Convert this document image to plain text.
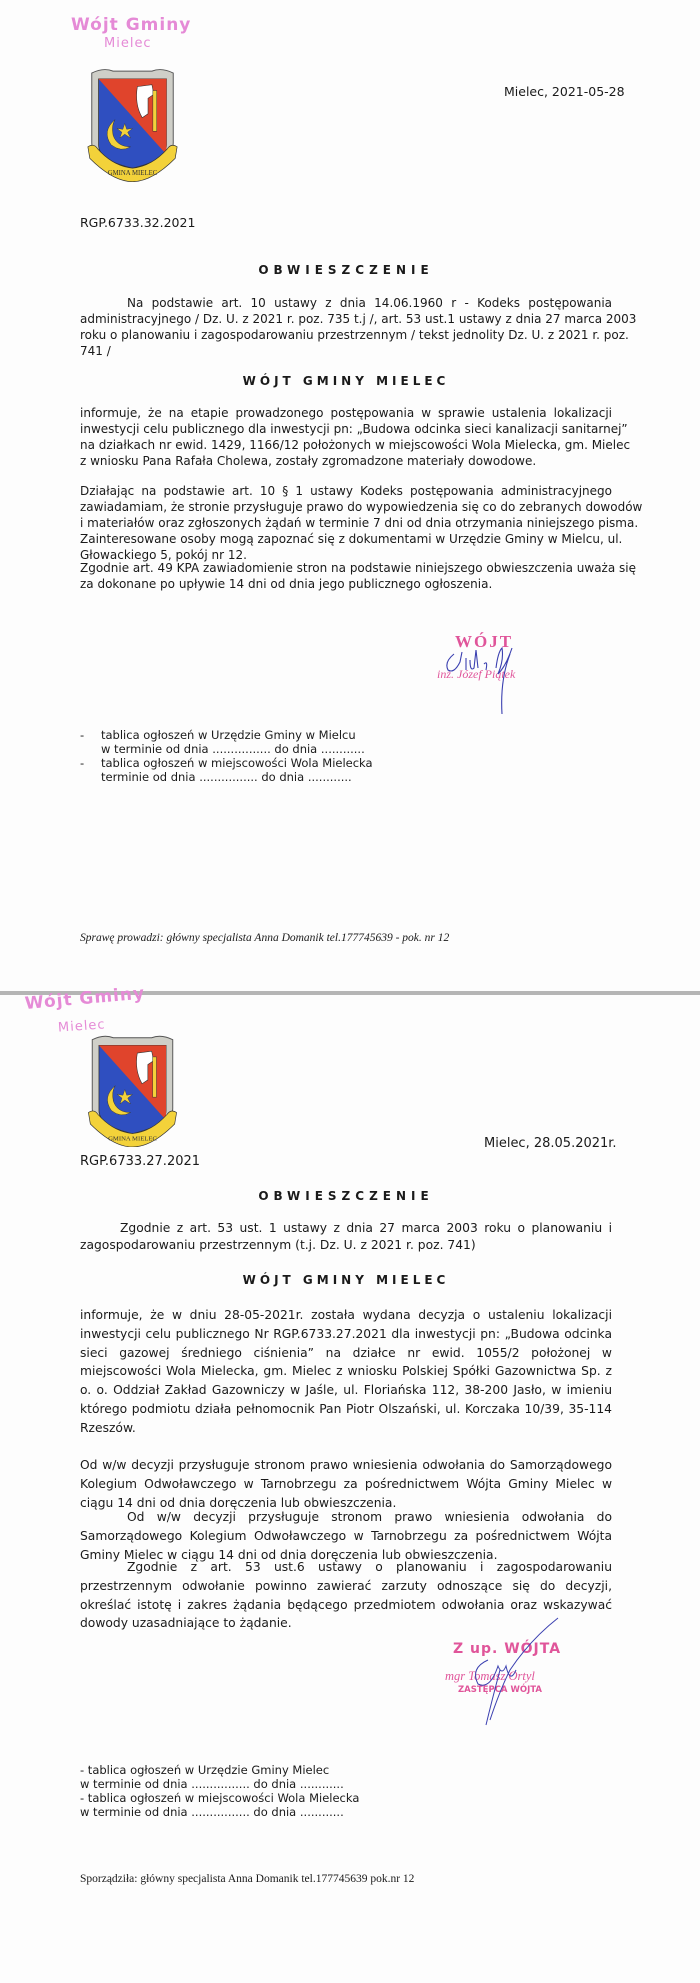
Wójt Gminy
Mielec
GMINA MIELEC
Mielec, 2021-05-28
RGP.6733.32.2021
OBWIESZCZENIE
Na podstawie art. 10 ustawy z dnia 14.06.1960 r - Kodeks postępowania
administracyjnego / Dz. U. z 2021 r. poz. 735 t.j /, art. 53 ust.1 ustawy z dnia 27 marca 2003
roku o planowaniu i zagospodarowaniu przestrzennym / tekst jednolity Dz. U. z 2021 r. poz.
741 /
WÓJT GMINY MIELEC
informuje, że na etapie prowadzonego postępowania w sprawie ustalenia lokalizacji
inwestycji celu publicznego dla inwestycji pn: „Budowa odcinka sieci kanalizacji sanitarnej”
na działkach nr ewid. 1429, 1166/12 położonych w miejscowości Wola Mielecka, gm. Mielec
z wniosku Pana Rafała Cholewa, zostały zgromadzone materiały dowodowe.
Działając na podstawie art. 10 § 1 ustawy Kodeks postępowania administracyjnego
zawiadamiam, że stronie przysługuje prawo do wypowiedzenia się co do zebranych dowodów
i materiałów oraz zgłoszonych żądań w terminie 7 dni od dnia otrzymania niniejszego pisma.
Zainteresowane osoby mogą zapoznać się z dokumentami w Urzędzie Gminy w Mielcu, ul.
Głowackiego 5, pokój nr 12.
Zgodnie art. 49 KPA zawiadomienie stron na podstawie niniejszego obwieszczenia uważa się
za dokonane po upływie 14 dni od dnia jego publicznego ogłoszenia.
WÓJT
inż. Józef Piątek
- tablica ogłoszeń w Urzędzie Gminy w Mielcu
w terminie od dnia ................ do dnia ............
- tablica ogłoszeń w miejscowości Wola Mielecka
terminie od dnia ................ do dnia ............
Sprawę prowadzi: główny specjalista Anna Domanik tel.177745639 - pok. nr 12
Wójt Gminy
Mielec
GMINA MIELEC	Mielec, 28.05.2021r.
RGP.6733.27.2021
OBWIESZCZENIE
Zgodnie z art. 53 ust. 1 ustawy z dnia 27 marca 2003 roku o planowaniu i
zagospodarowaniu przestrzennym (t.j. Dz. U. z 2021 r. poz. 741)
WÓJT GMINY MIELEC
informuje, że w dniu 28-05-2021r. została wydana decyzja o ustaleniu lokalizacji
inwestycji celu publicznego Nr RGP.6733.27.2021 dla inwestycji pn: „Budowa odcinka
sieci gazowej średniego ciśnienia” na działce nr ewid. 1055/2 położonej w
miejscowości Wola Mielecka, gm. Mielec z wniosku Polskiej Spółki Gazownictwa Sp. z
o. o. Oddział Zakład Gazowniczy w Jaśle, ul. Floriańska 112, 38-200 Jasło, w imieniu
którego podmiotu działa pełnomocnik Pan Piotr Olszański, ul. Korczaka 10/39, 35-114
Rzeszów.
Od w/w decyzji przysługuje stronom prawo wniesienia odwołania do Samorządowego
Kolegium Odwoławczego w Tarnobrzegu za pośrednictwem Wójta Gminy Mielec w
ciągu 14 dni od dnia doręczenia lub obwieszczenia.
Od w/w decyzji przysługuje stronom prawo wniesienia odwołania do
Samorządowego Kolegium Odwoławczego w Tarnobrzegu za pośrednictwem Wójta
Gminy Mielec w ciągu 14 dni od dnia doręczenia lub obwieszczenia.
Zgodnie z art. 53 ust.6 ustawy o planowaniu i zagospodarowaniu
przestrzennym odwołanie powinno zawierać zarzuty odnoszące się do decyzji,
określać istotę i zakres żądania będącego przedmiotem odwołania oraz wskazywać
dowody uzasadniające to żądanie.
Z up. WÓJTA
mgr Tomasz Ortyl
ZASTĘPCA WÓJTA
- tablica ogłoszeń w Urzędzie Gminy Mielec
w terminie od dnia ................ do dnia ............
- tablica ogłoszeń w miejscowości Wola Mielecka
w terminie od dnia ................ do dnia ............
Sporządziła: główny specjalista Anna Domanik tel.177745639 pok.nr 12
